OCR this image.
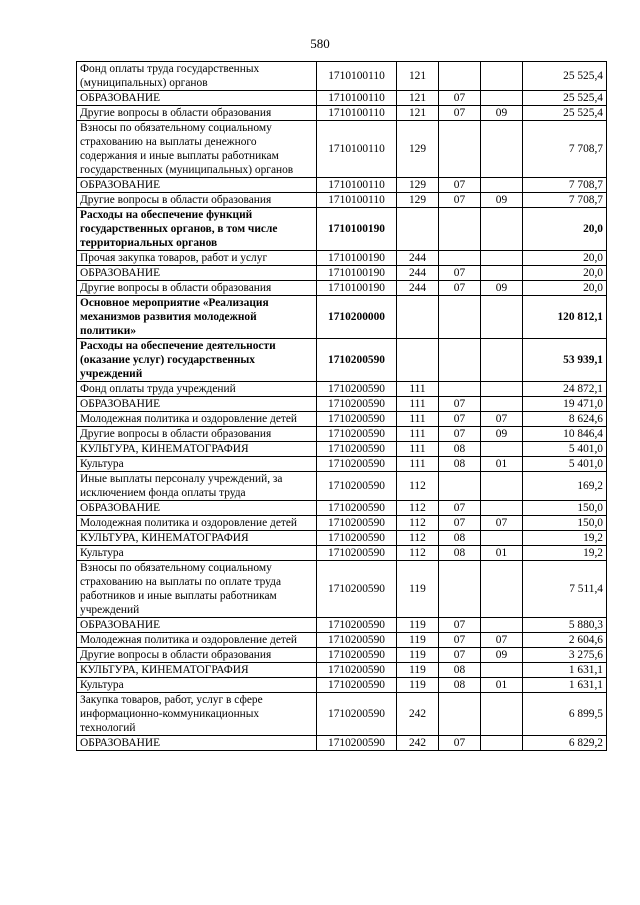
580
Фонд оплаты труда государственных (муниципальных) органов	1710100110	121			25 525,4
ОБРАЗОВАНИЕ	1710100110	121	07		25 525,4
Другие вопросы в области образования	1710100110	121	07	09	25 525,4
Взносы по обязательному социальному страхованию на выплаты денежного содержания и иные выплаты работникам государственных (муниципальных) органов	1710100110	129			7 708,7
ОБРАЗОВАНИЕ	1710100110	129	07		7 708,7
Другие вопросы в области образования	1710100110	129	07	09	7 708,7
Расходы на обеспечение функций государственных органов, в том числе территориальных органов	1710100190				20,0
Прочая закупка товаров, работ и услуг	1710100190	244			20,0
ОБРАЗОВАНИЕ	1710100190	244	07		20,0
Другие вопросы в области образования	1710100190	244	07	09	20,0
Основное мероприятие «Реализация механизмов развития молодежной политики»	1710200000				120 812,1
Расходы на обеспечение деятельности (оказание услуг) государственных учреждений	1710200590				53 939,1
Фонд оплаты труда учреждений	1710200590	111			24 872,1
ОБРАЗОВАНИЕ	1710200590	111	07		19 471,0
Молодежная политика и оздоровление детей	1710200590	111	07	07	8 624,6
Другие вопросы в области образования	1710200590	111	07	09	10 846,4
КУЛЬТУРА, КИНЕМАТОГРАФИЯ	1710200590	111	08		5 401,0
Культура	1710200590	111	08	01	5 401,0
Иные выплаты персоналу учреждений, за исключением фонда оплаты труда	1710200590	112			169,2
ОБРАЗОВАНИЕ	1710200590	112	07		150,0
Молодежная политика и оздоровление детей	1710200590	112	07	07	150,0
КУЛЬТУРА, КИНЕМАТОГРАФИЯ	1710200590	112	08		19,2
Культура	1710200590	112	08	01	19,2
Взносы по обязательному социальному страхованию на выплаты по оплате труда работников и иные выплаты работникам учреждений	1710200590	119			7 511,4
ОБРАЗОВАНИЕ	1710200590	119	07		5 880,3
Молодежная политика и оздоровление детей	1710200590	119	07	07	2 604,6
Другие вопросы в области образования	1710200590	119	07	09	3 275,6
КУЛЬТУРА, КИНЕМАТОГРАФИЯ	1710200590	119	08		1 631,1
Культура	1710200590	119	08	01	1 631,1
Закупка товаров, работ, услуг в сфере информационно-коммуникационных технологий	1710200590	242			6 899,5
ОБРАЗОВАНИЕ	1710200590	242	07		6 829,2
